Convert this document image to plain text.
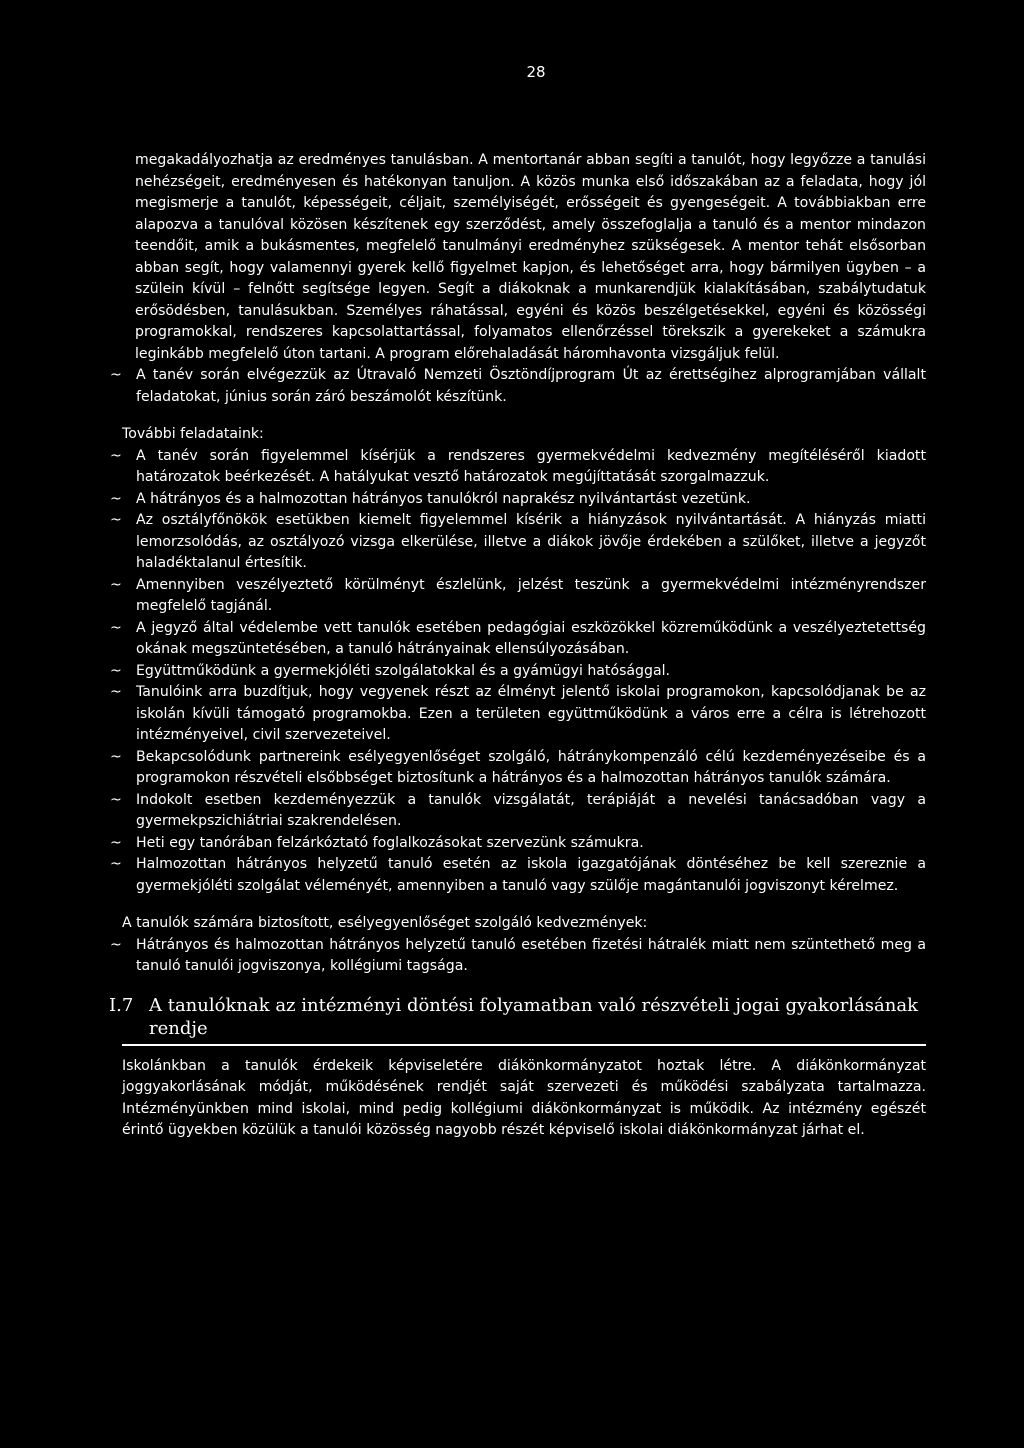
28

megakadályozhatja az eredményes tanulásban. A mentortanár abban segíti a tanulót, hogy legyőzze a tanulási nehézségeit, eredményesen és hatékonyan tanuljon. A közös munka első időszakában az a feladata, hogy jól megismerje a tanulót, képességeit, céljait, személyiségét, erősségeit és gyengeségeit. A továbbiakban erre alapozva a tanulóval közösen készítenek egy szerződést, amely összefoglalja a tanuló és a mentor mindazon teendőit, amik a bukásmentes, megfelelő tanulmányi eredményhez szükségesek. A mentor tehát elsősorban abban segít, hogy valamennyi gyerek kellő figyelmet kapjon, és lehetőséget arra, hogy bármilyen ügyben – a szülein kívül – felnőtt segítsége legyen. Segít a diákoknak a munkarendjük kialakításában, szabálytudatuk erősödésben, tanulásukban. Személyes ráhatással, egyéni és közös beszélgetésekkel, egyéni és közösségi programokkal, rendszeres kapcsolattartással, folyamatos ellenőrzéssel törekszik a gyerekeket a számukra leginkább megfelelő úton tartani. A program előrehaladását háromhavonta vizsgáljuk felül.

~ A tanév során elvégezzük az Útravaló Nemzeti Ösztöndíjprogram Út az érettségihez alprogramjában vállalt feladatokat, június során záró beszámolót készítünk.

További feladataink:

~ A tanév során figyelemmel kísérjük a rendszeres gyermekvédelmi kedvezmény megítéléséről kiadott határozatok beérkezését. A hatályukat vesztő határozatok megújíttatását szorgalmazzuk.
~ A hátrányos és a halmozottan hátrányos tanulókról naprakész nyilvántartást vezetünk.
~ Az osztályfőnökök esetükben kiemelt figyelemmel kísérik a hiányzások nyilvántartását. A hiányzás miatti lemorzsolódás, az osztályozó vizsga elkerülése, illetve a diákok jövője érdekében a szülőket, illetve a jegyzőt haladéktalanul értesítik.
~ Amennyiben veszélyeztető körülményt észlelünk, jelzést teszünk a gyermekvédelmi intézményrendszer megfelelő tagjánál.
~ A jegyző által védelembe vett tanulók esetében pedagógiai eszközökkel közreműködünk a veszélyeztetettség okának megszüntetésében, a tanuló hátrányainak ellensúlyozásában.
~ Együttműködünk a gyermekjóléti szolgálatokkal és a gyámügyi hatósággal.
~ Tanulóink arra buzdítjuk, hogy vegyenek részt az élményt jelentő iskolai programokon, kapcsolódjanak be az iskolán kívüli támogató programokba. Ezen a területen együttműködünk a város erre a célra is létrehozott intézményeivel, civil szervezeteivel.
~ Bekapcsolódunk partnereink esélyegyenlőséget szolgáló, hátránykompenzáló célú kezdeményezéseibe és a programokon részvételi elsőbbséget biztosítunk a hátrányos és a halmozottan hátrányos tanulók számára.
~ Indokolt esetben kezdeményezzük a tanulók vizsgálatát, terápiáját a nevelési tanácsadóban vagy a gyermekpszichiátriai szakrendelésen.
~ Heti egy tanórában felzárkóztató foglalkozásokat szervezünk számukra.
~ Halmozottan hátrányos helyzetű tanuló esetén az iskola igazgatójának döntéséhez be kell szereznie a gyermekjóléti szolgálat véleményét, amennyiben a tanuló vagy szülője magántanulói jogviszonyt kérelmez.

A tanulók számára biztosított, esélyegyenlőséget szolgáló kedvezmények:

~ Hátrányos és halmozottan hátrányos helyzetű tanuló esetében fizetési hátralék miatt nem szüntethető meg a tanuló tanulói jogviszonya, kollégiumi tagsága.
I.7 A tanulóknak az intézményi döntési folyamatban való részvételi jogai gyakorlásának rendje

Iskolánkban a tanulók érdekeik képviseletére diákönkormányzatot hoztak létre. A diákönkormányzat joggyakorlásának módját, működésének rendjét saját szervezeti és működési szabályzata tartalmazza. Intézményünkben mind iskolai, mind pedig kollégiumi diákönkormányzat is működik. Az intézmény egészét érintő ügyekben közülük a tanulói közösség nagyobb részét képviselő iskolai diákönkormányzat járhat el.
